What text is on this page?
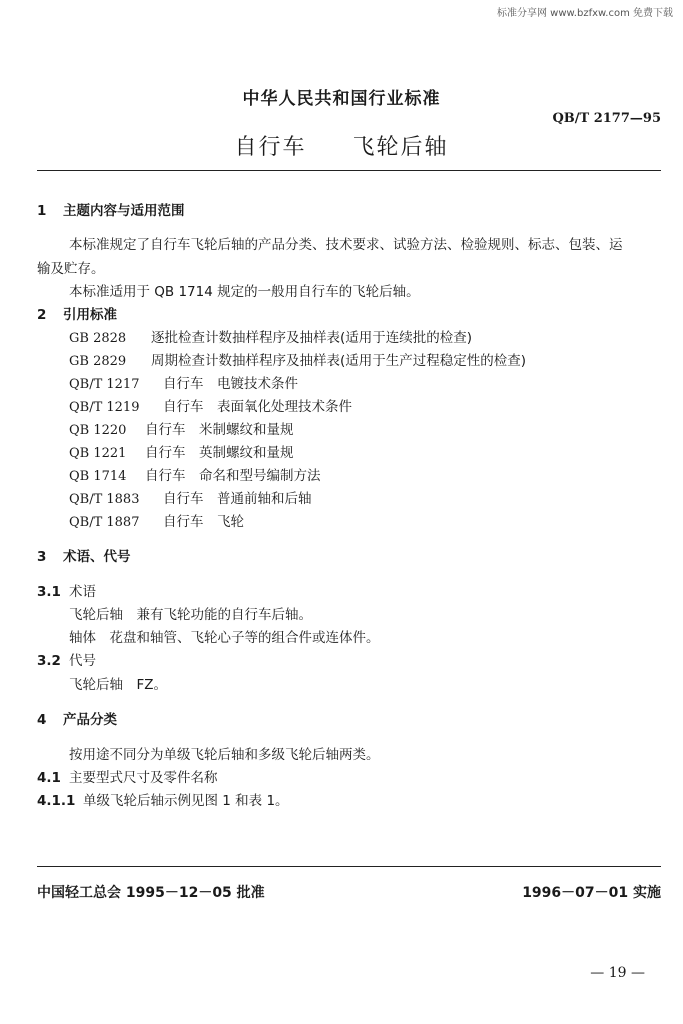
标准分享网 www.bzfxw.com 免费下载
中华人民共和国行业标准
QB/T 2177—95
自行车 飞轮后轴
1 主题内容与适用范围
本标准规定了自行车飞轮后轴的产品分类、技术要求、试验方法、检验规则、标志、包装、运
输及贮存。
本标准适用于 QB 1714 规定的一般用自行车的飞轮后轴。
2 引用标准
GB 2828 逐批检查计数抽样程序及抽样表(适用于连续批的检查)
GB 2829 周期检查计数抽样程序及抽样表(适用于生产过程稳定性的检查)
QB/T 1217 自行车　电镀技术条件
QB/T 1219 自行车　表面氧化处理技术条件
QB 1220 自行车　米制螺纹和量规
QB 1221 自行车　英制螺纹和量规
QB 1714 自行车　命名和型号编制方法
QB/T 1883 自行车　普通前轴和后轴
QB/T 1887 自行车　飞轮
3 术语、代号
3.1 术语
飞轮后轴　兼有飞轮功能的自行车后轴。
轴体　花盘和轴管、飞轮心子等的组合件或连体件。
3.2 代号
飞轮后轴　FZ。
4 产品分类
按用途不同分为单级飞轮后轴和多级飞轮后轴两类。
4.1 主要型式尺寸及零件名称
4.1.1 单级飞轮后轴示例见图 1 和表 1。
中国轻工总会 1995－12－05 批准	1996－07－01 实施
— 19 —
